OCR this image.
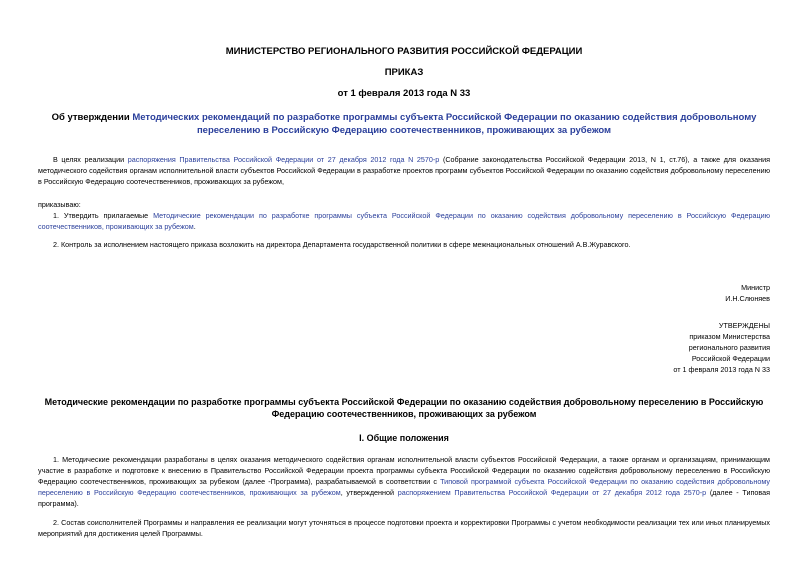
МИНИСТЕРСТВО РЕГИОНАЛЬНОГО РАЗВИТИЯ РОССИЙСКОЙ ФЕДЕРАЦИИ
ПРИКАЗ
от 1 февраля 2013 года N 33
Об утверждении Методических рекомендаций по разработке программы субъекта Российской Федерации по оказанию содействия добровольному переселению в Российскую Федерацию соотечественников, проживающих за рубежом
В целях реализации распоряжения Правительства Российской Федерации от 27 декабря 2012 года N 2570-р (Собрание законодательства Российской Федерации 2013, N 1, ст.76), а также для оказания методического содействия органам исполнительной власти субъектов Российской Федерации в разработке проектов программ субъектов Российской Федерации по оказанию содействия добровольному переселению в Российскую Федерацию соотечественников, проживающих за рубежом,
приказываю:
1. Утвердить прилагаемые Методические рекомендации по разработке программы субъекта Российской Федерации по оказанию содействия добровольному переселению в Российскую Федерацию соотечественников, проживающих за рубежом.
2. Контроль за исполнением настоящего приказа возложить на директора Департамента государственной политики в сфере межнациональных отношений А.В.Журавского.
Министр
И.Н.Слюняев
УТВЕРЖДЕНЫ
приказом Министерства
регионального развития
Российской Федерации
от 1 февраля 2013 года N 33
Методические рекомендации по разработке программы субъекта Российской Федерации по оказанию содействия добровольному переселению в Российскую Федерацию соотечественников, проживающих за рубежом
I. Общие положения
1. Методические рекомендации разработаны в целях оказания методического содействия органам исполнительной власти субъектов Российской Федерации, а также органам и организациям, принимающим участие в разработке и подготовке к внесению в Правительство Российской Федерации проекта программы субъекта Российской Федерации по оказанию содействия добровольному переселению в Российскую Федерацию соотечественников, проживающих за рубежом (далее -Программа), разрабатываемой в соответствии с Типовой программой субъекта Российской Федерации по оказанию содействия добровольному переселению в Российскую Федерацию соотечественников, проживающих за рубежом, утвержденной распоряжением Правительства Российской Федерации от 27 декабря 2012 года 2570-р (далее - Типовая программа).
2. Состав соисполнителей Программы и направления ее реализации могут уточняться в процессе подготовки проекта и корректировки Программы с учетом необходимости реализации тех или иных планируемых мероприятий для достижения целей Программы.
